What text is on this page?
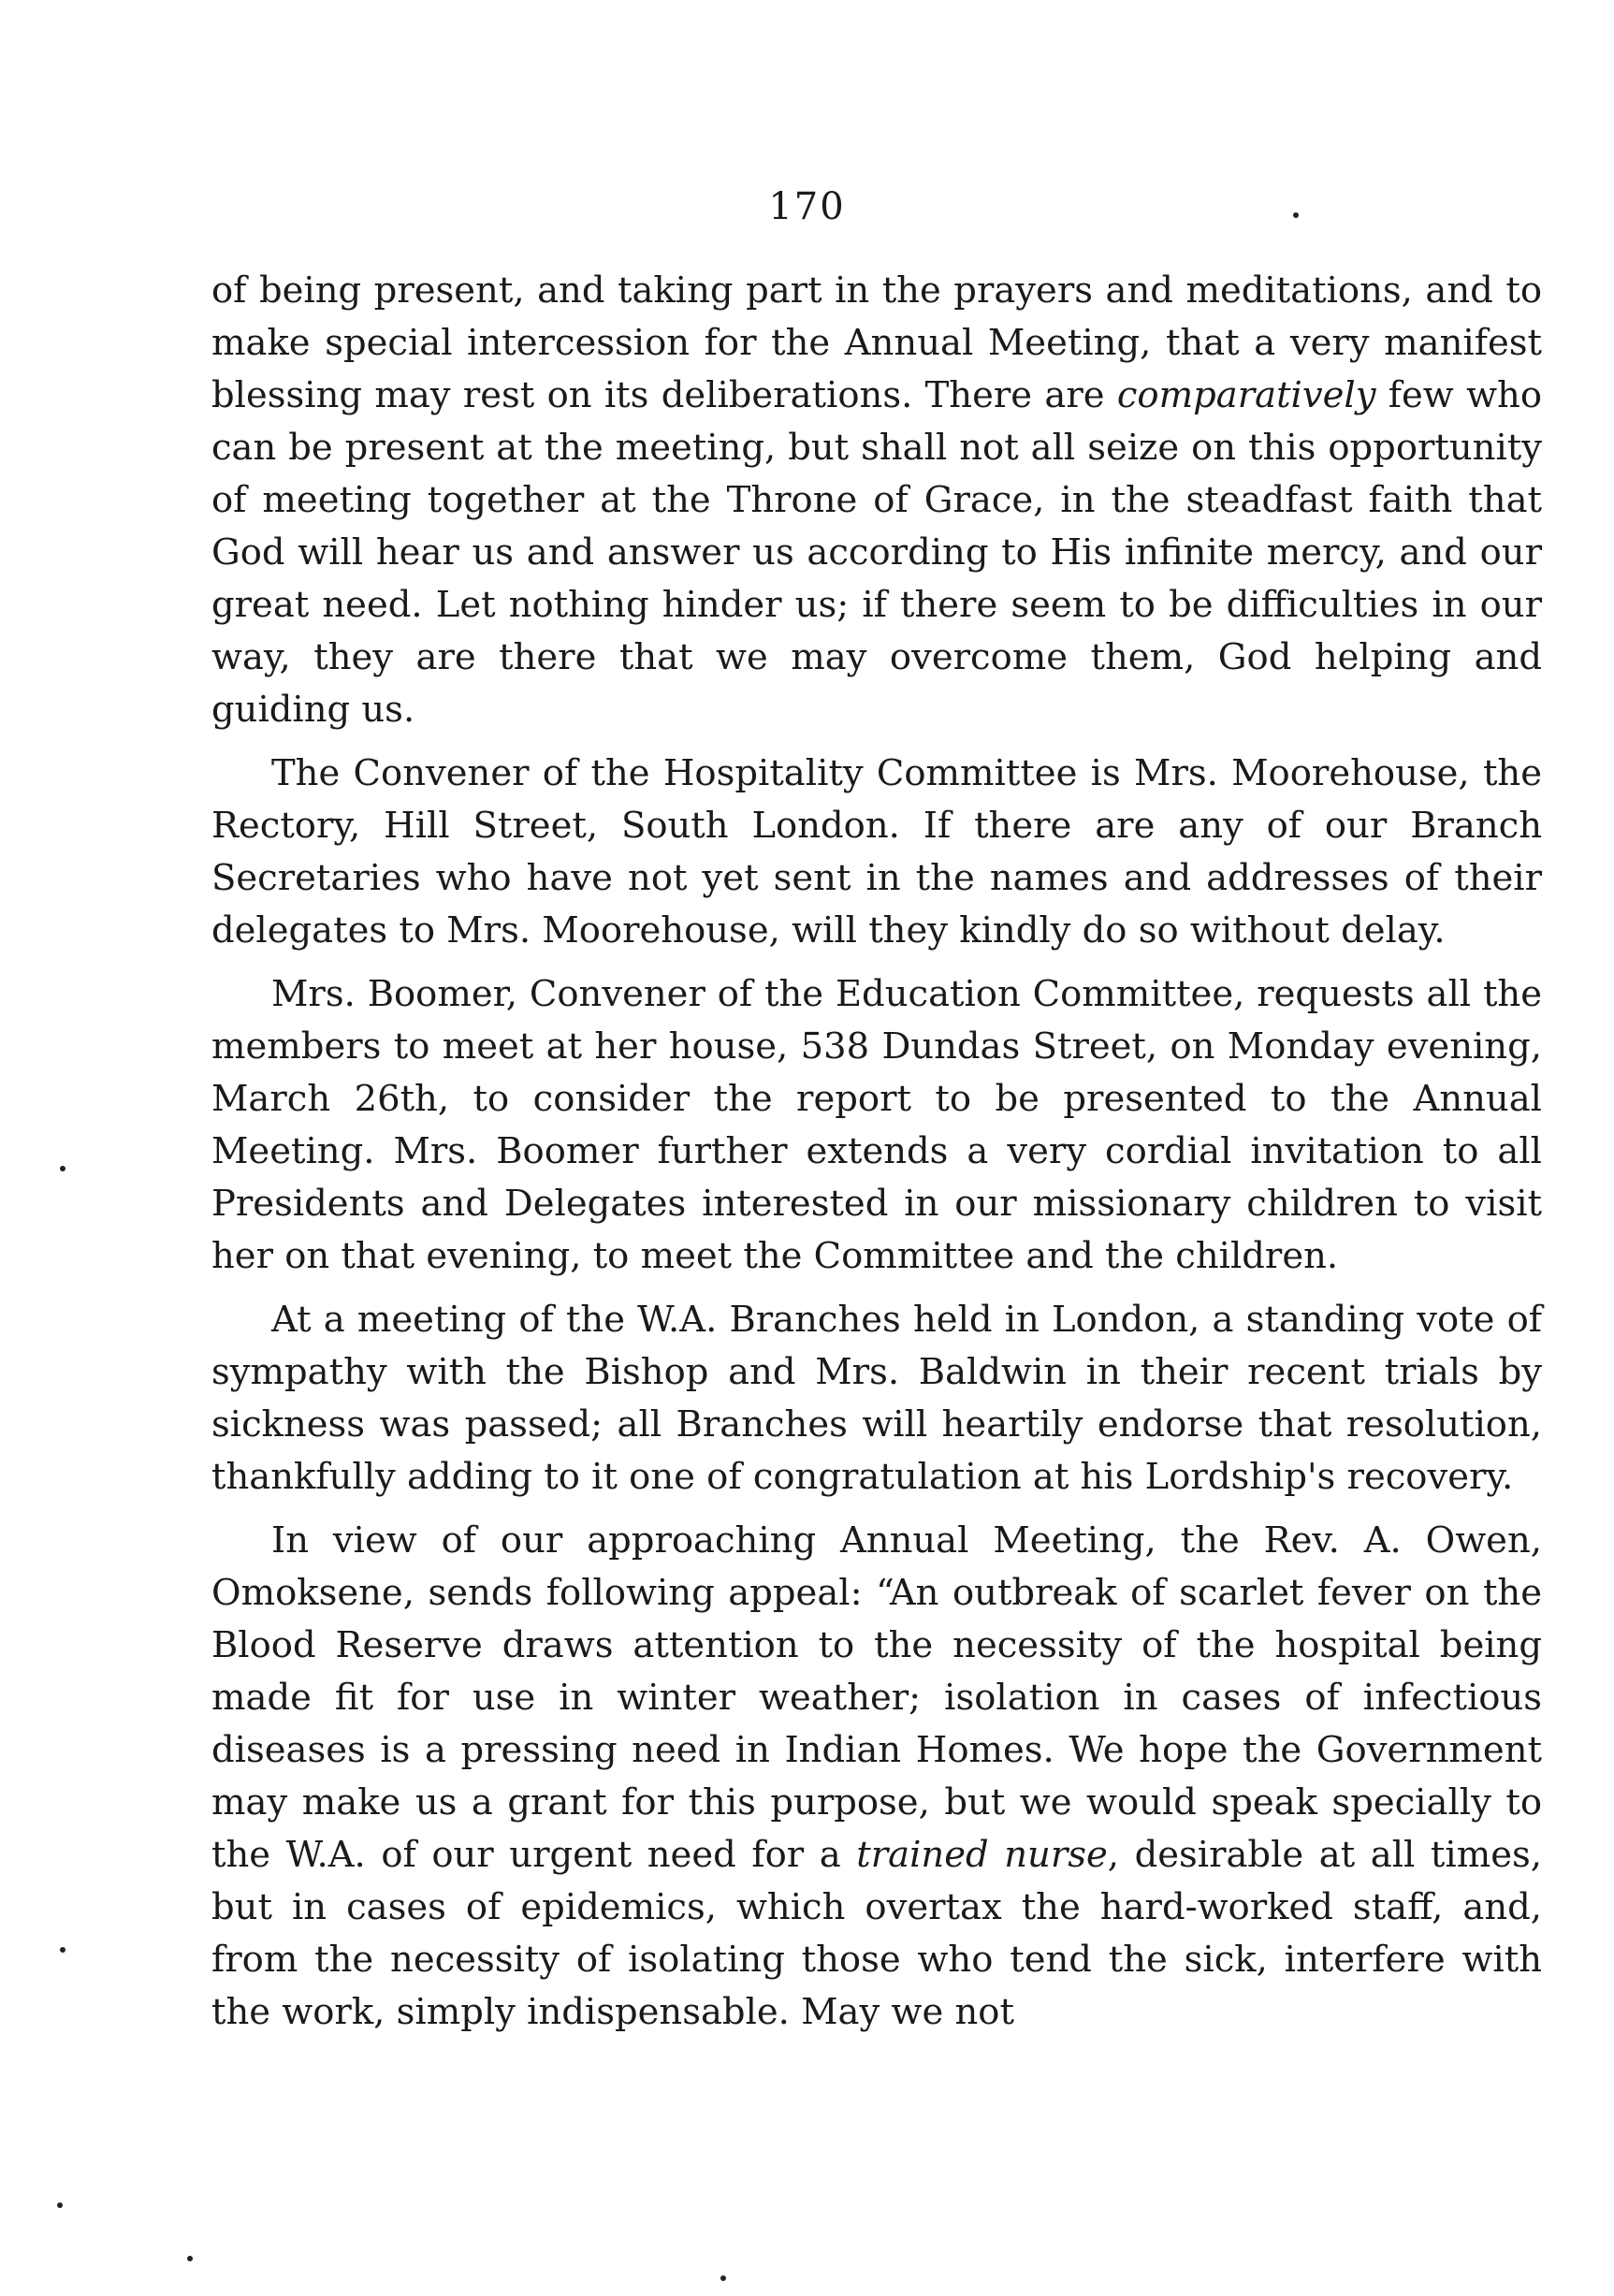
170

of being present, and taking part in the prayers and meditations, and to make special intercession for the Annual Meeting, that a very manifest blessing may rest on its deliberations. There are comparatively few who can be present at the meeting, but shall not all seize on this opportunity of meeting together at the Throne of Grace, in the steadfast faith that God will hear us and answer us according to His infinite mercy, and our great need. Let nothing hinder us; if there seem to be difficulties in our way, they are there that we may overcome them, God helping and guiding us.

The Convener of the Hospitality Committee is Mrs. Moorehouse, the Rectory, Hill Street, South London. If there are any of our Branch Secretaries who have not yet sent in the names and addresses of their delegates to Mrs. Moorehouse, will they kindly do so without delay.

Mrs. Boomer, Convener of the Education Committee, requests all the members to meet at her house, 538 Dundas Street, on Monday evening, March 26th, to consider the report to be presented to the Annual Meeting. Mrs. Boomer further extends a very cordial invitation to all Presidents and Delegates interested in our missionary children to visit her on that evening, to meet the Committee and the children.

At a meeting of the W.A. Branches held in London, a standing vote of sympathy with the Bishop and Mrs. Baldwin in their recent trials by sickness was passed; all Branches will heartily endorse that resolution, thankfully adding to it one of congratulation at his Lordship's recovery.

In view of our approaching Annual Meeting, the Rev. A. Owen, Omoksene, sends following appeal: “An outbreak of scarlet fever on the Blood Reserve draws attention to the necessity of the hospital being made fit for use in winter weather; isolation in cases of infectious diseases is a pressing need in Indian Homes. We hope the Government may make us a grant for this purpose, but we would speak specially to the W.A. of our urgent need for a trained nurse, desirable at all times, but in cases of epidemics, which overtax the hard-worked staff, and, from the necessity of isolating those who tend the sick, interfere with the work, simply indispensable. May we not
